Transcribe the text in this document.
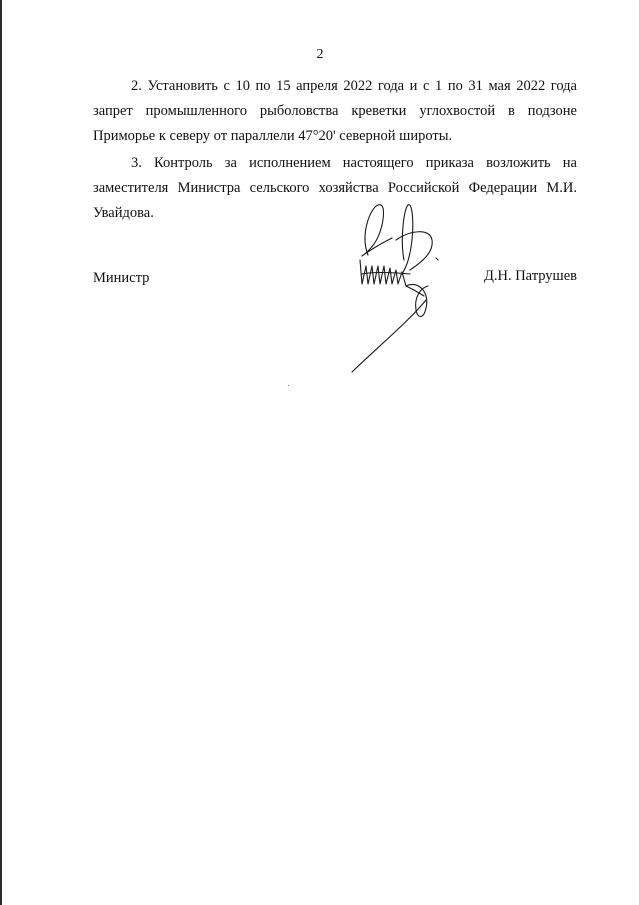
2

2. Установить с 10 по 15 апреля 2022 года и с 1 по 31 мая 2022 года запрет промышленного рыболовства креветки углохвостой в подзоне Приморье к северу от параллели 47°20' северной широты.

3. Контроль за исполнением настоящего приказа возложить на заместителя Министра сельского хозяйства Российской Федерации М.И. Увайдова.

Министр	Д.Н. Патрушев
